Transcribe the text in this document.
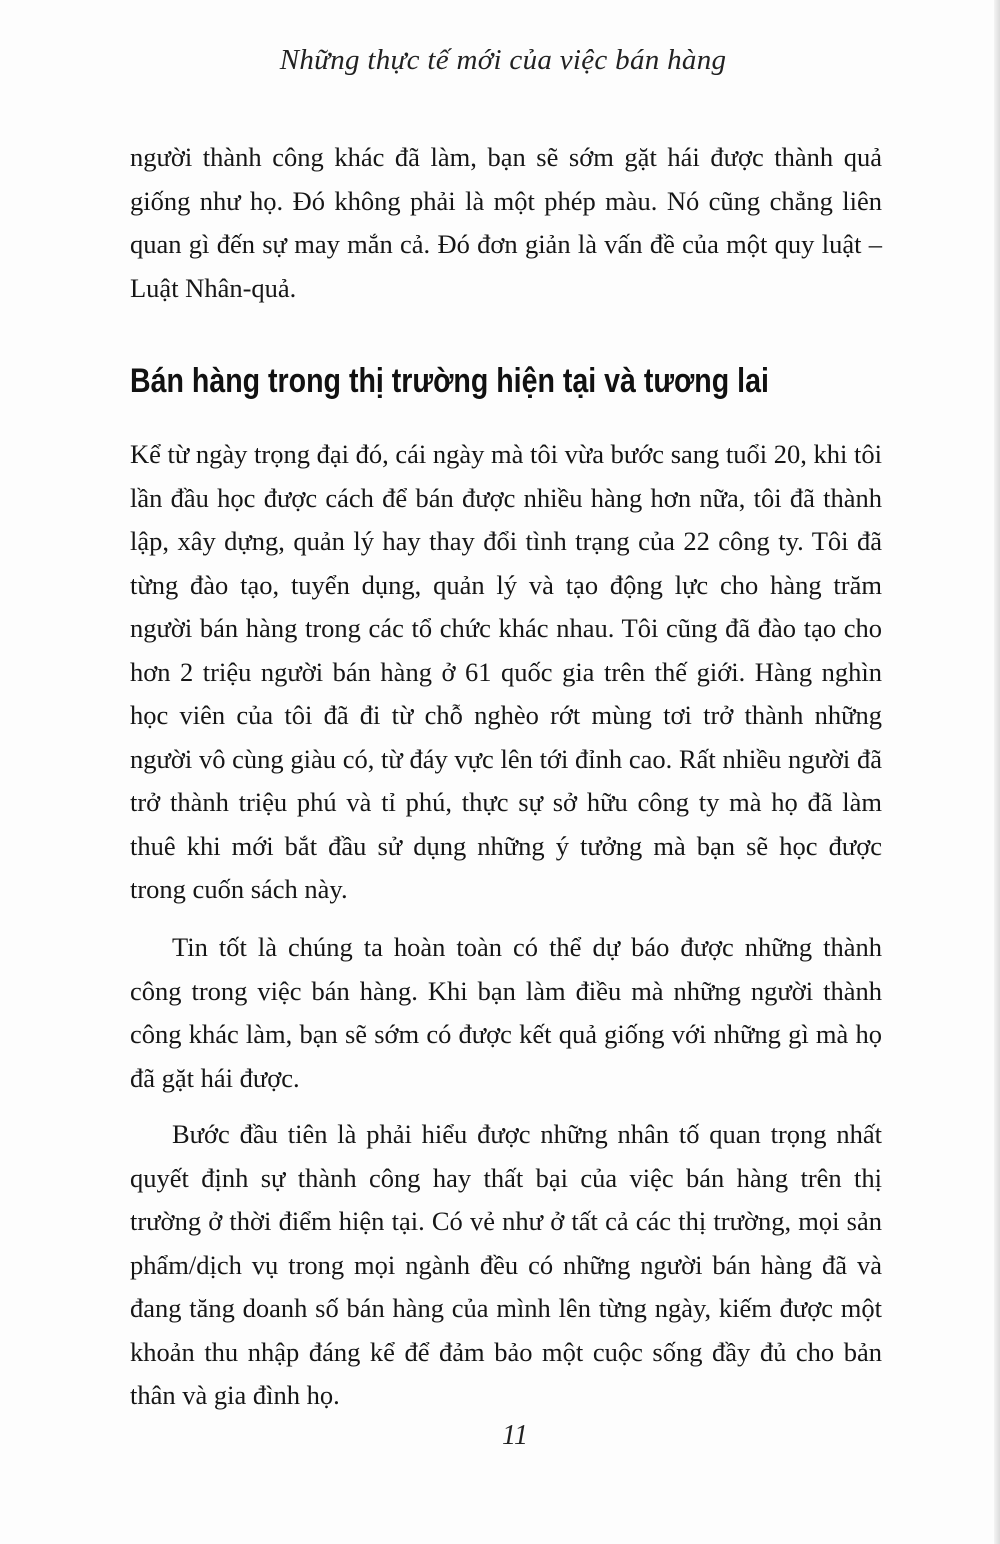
Những thực tế mới của việc bán hàng

người thành công khác đã làm, bạn sẽ sớm gặt hái được thành quả giống như họ. Đó không phải là một phép màu. Nó cũng chẳng liên quan gì đến sự may mắn cả. Đó đơn giản là vấn đề của một quy luật – Luật Nhân-quả.

Bán hàng trong thị trường hiện tại và tương lai

Kể từ ngày trọng đại đó, cái ngày mà tôi vừa bước sang tuổi 20, khi tôi lần đầu học được cách để bán được nhiều hàng hơn nữa, tôi đã thành lập, xây dựng, quản lý hay thay đổi tình trạng của 22 công ty. Tôi đã từng đào tạo, tuyển dụng, quản lý và tạo động lực cho hàng trăm người bán hàng trong các tổ chức khác nhau. Tôi cũng đã đào tạo cho hơn 2 triệu người bán hàng ở 61 quốc gia trên thế giới. Hàng nghìn học viên của tôi đã đi từ chỗ nghèo rớt mùng tơi trở thành những người vô cùng giàu có, từ đáy vực lên tới đỉnh cao. Rất nhiều người đã trở thành triệu phú và tỉ phú, thực sự sở hữu công ty mà họ đã làm thuê khi mới bắt đầu sử dụng những ý tưởng mà bạn sẽ học được trong cuốn sách này.

Tin tốt là chúng ta hoàn toàn có thể dự báo được những thành công trong việc bán hàng. Khi bạn làm điều mà những người thành công khác làm, bạn sẽ sớm có được kết quả giống với những gì mà họ đã gặt hái được.

Bước đầu tiên là phải hiểu được những nhân tố quan trọng nhất quyết định sự thành công hay thất bại của việc bán hàng trên thị trường ở thời điểm hiện tại. Có vẻ như ở tất cả các thị trường, mọi sản phẩm/dịch vụ trong mọi ngành đều có những người bán hàng đã và đang tăng doanh số bán hàng của mình lên từng ngày, kiếm được một khoản thu nhập đáng kể để đảm bảo một cuộc sống đầy đủ cho bản thân và gia đình họ.

11
